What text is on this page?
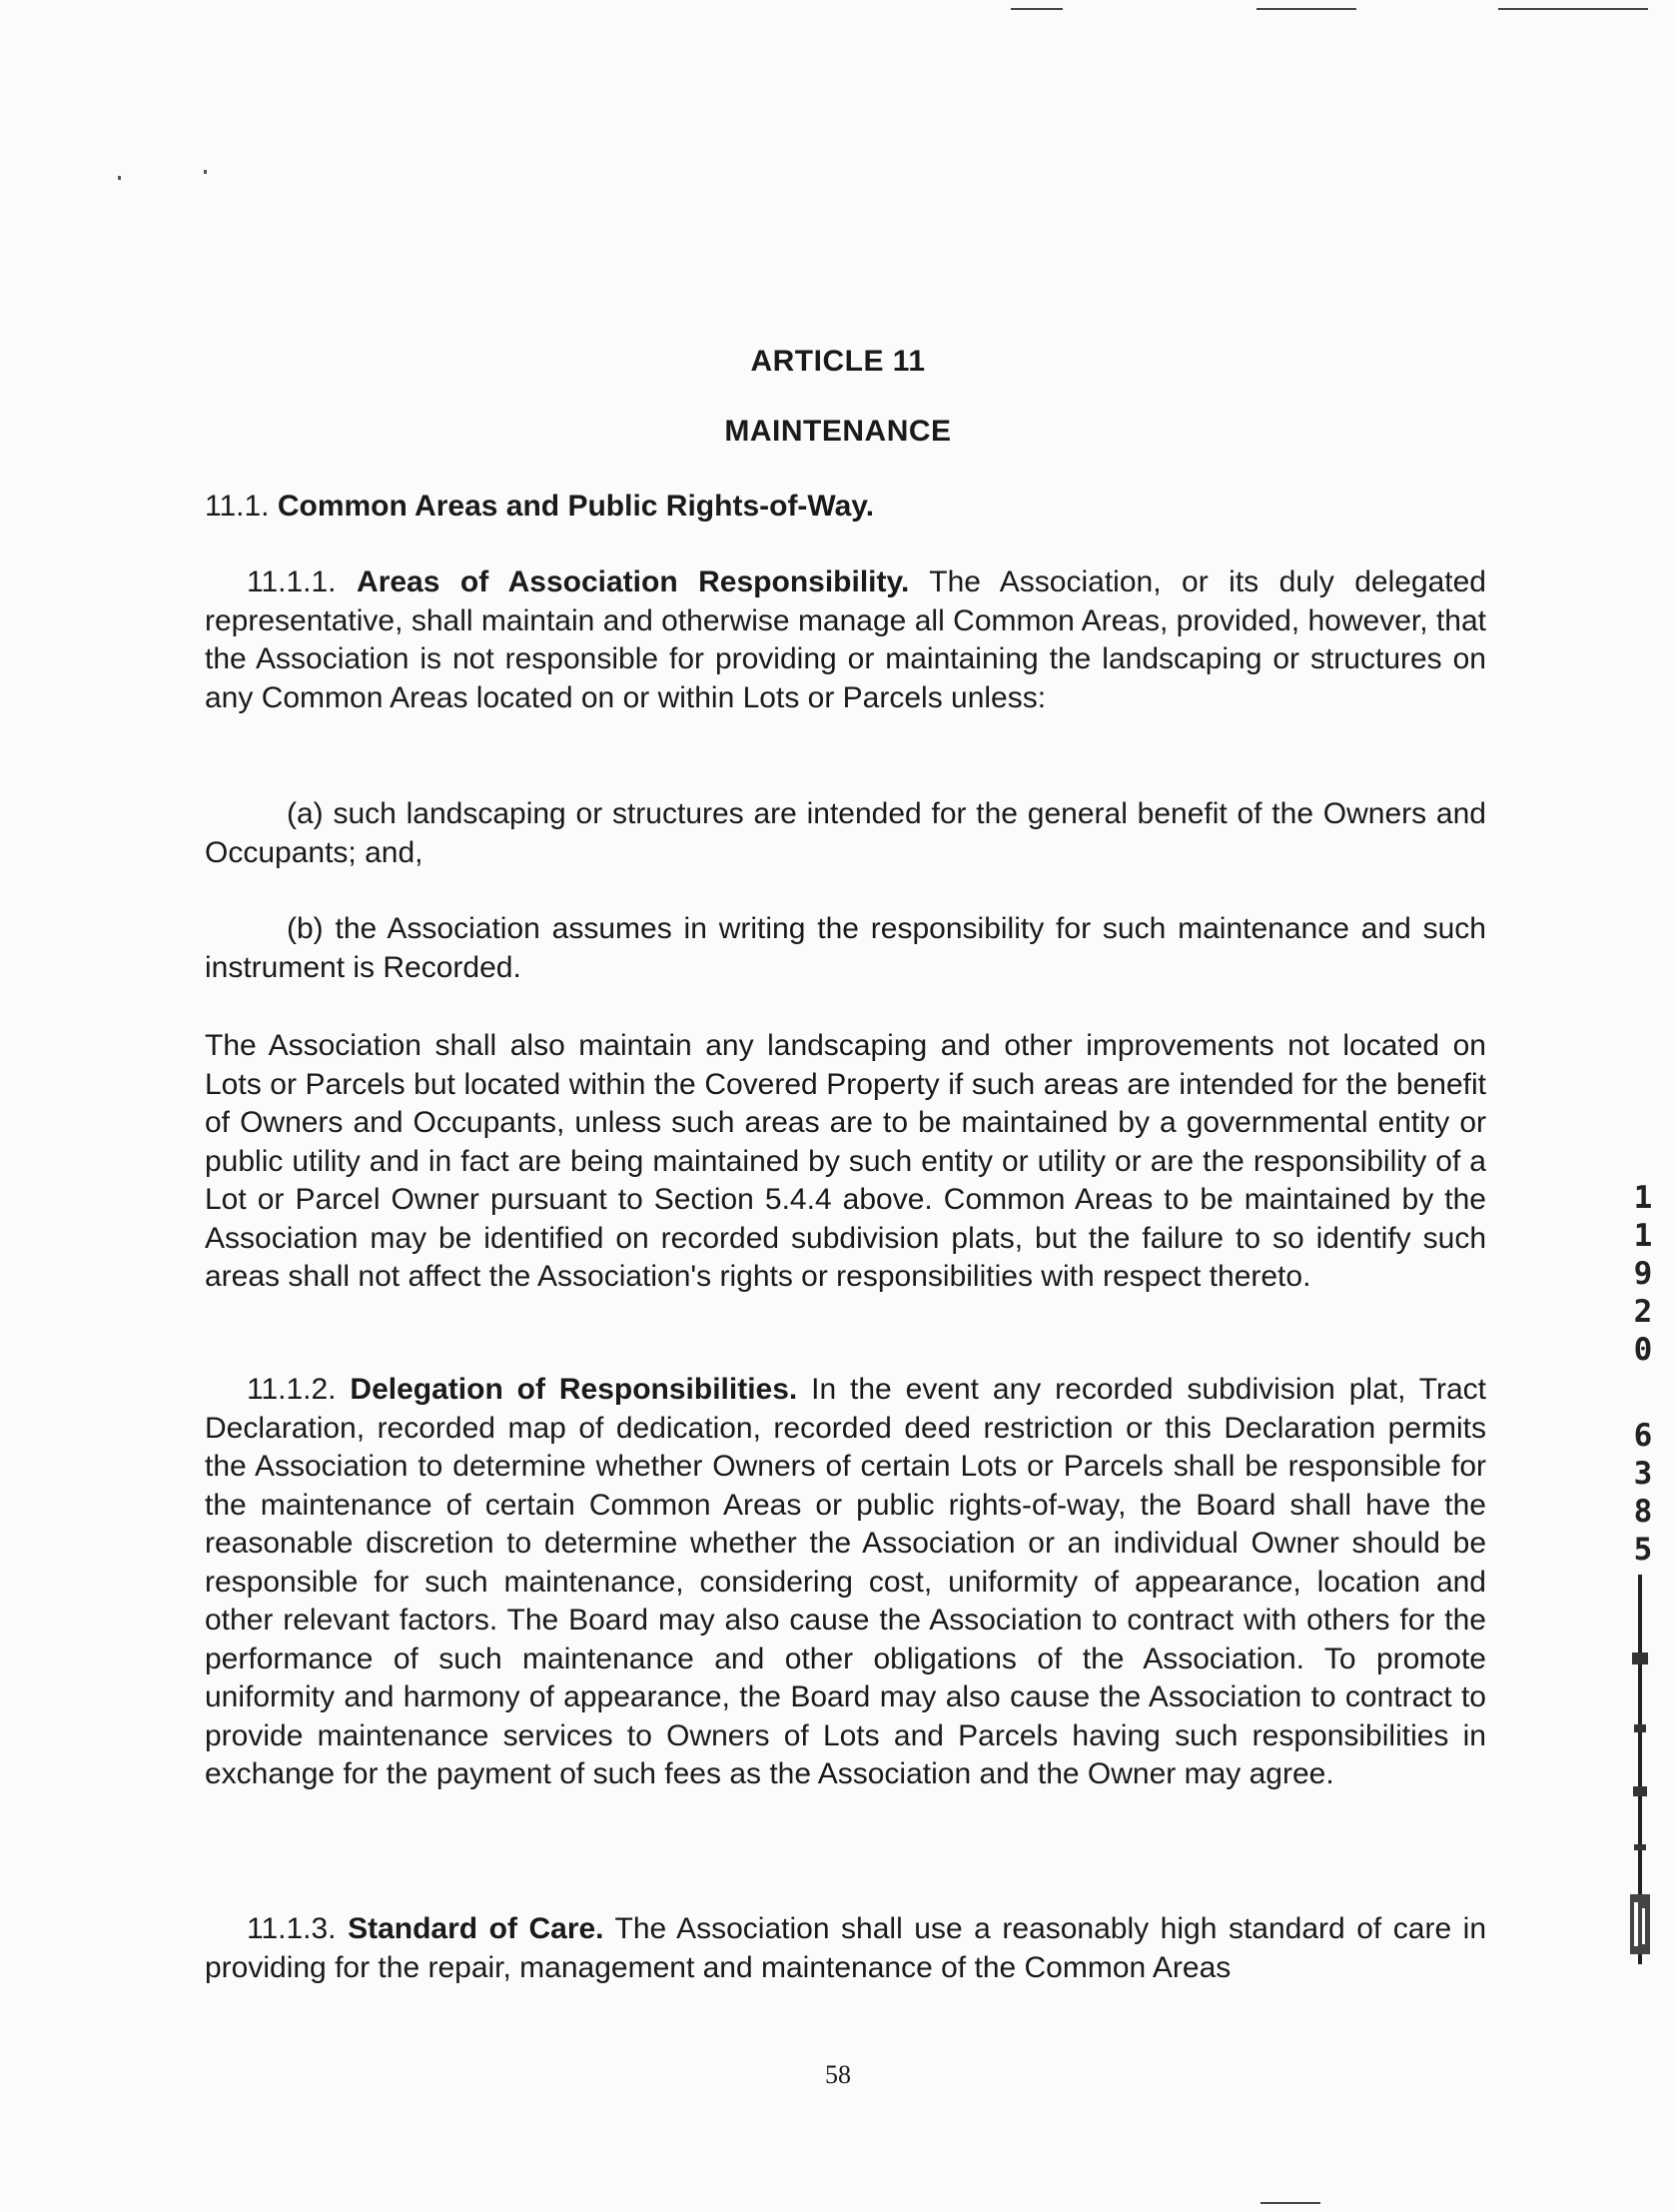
ARTICLE 11
MAINTENANCE

11.1. Common Areas and Public Rights-of-Way.

11.1.1. Areas of Association Responsibility. The Association, or its duly delegated representative, shall maintain and otherwise manage all Common Areas, provided, however, that the Association is not responsible for providing or maintaining the landscaping or structures on any Common Areas located on or within Lots or Parcels unless:

(a) such landscaping or structures are intended for the general benefit of the Owners and Occupants; and,

(b) the Association assumes in writing the responsibility for such maintenance and such instrument is Recorded.

The Association shall also maintain any landscaping and other improvements not located on Lots or Parcels but located within the Covered Property if such areas are intended for the benefit of Owners and Occupants, unless such areas are to be maintained by a governmental entity or public utility and in fact are being maintained by such entity or utility or are the responsibility of a Lot or Parcel Owner pursuant to Section 5.4.4 above. Common Areas to be maintained by the Association may be identified on recorded subdivision plats, but the failure to so identify such areas shall not affect the Association's rights or responsibilities with respect thereto.

11.1.2. Delegation of Responsibilities. In the event any recorded subdivision plat, Tract Declaration, recorded map of dedication, recorded deed restriction or this Declaration permits the Association to determine whether Owners of certain Lots or Parcels shall be responsible for the maintenance of certain Common Areas or public rights-of-way, the Board shall have the reasonable discretion to determine whether the Association or an individual Owner should be responsible for such maintenance, considering cost, uniformity of appearance, location and other relevant factors. The Board may also cause the Association to contract with others for the performance of such maintenance and other obligations of the Association. To promote uniformity and harmony of appearance, the Board may also cause the Association to contract to provide maintenance services to Owners of Lots and Parcels having such responsibilities in exchange for the payment of such fees as the Association and the Owner may agree.

11.1.3. Standard of Care. The Association shall use a reasonably high standard of care in providing for the repair, management and maintenance of the Common Areas

58
1
1
9
2
0
6
3
8
5
